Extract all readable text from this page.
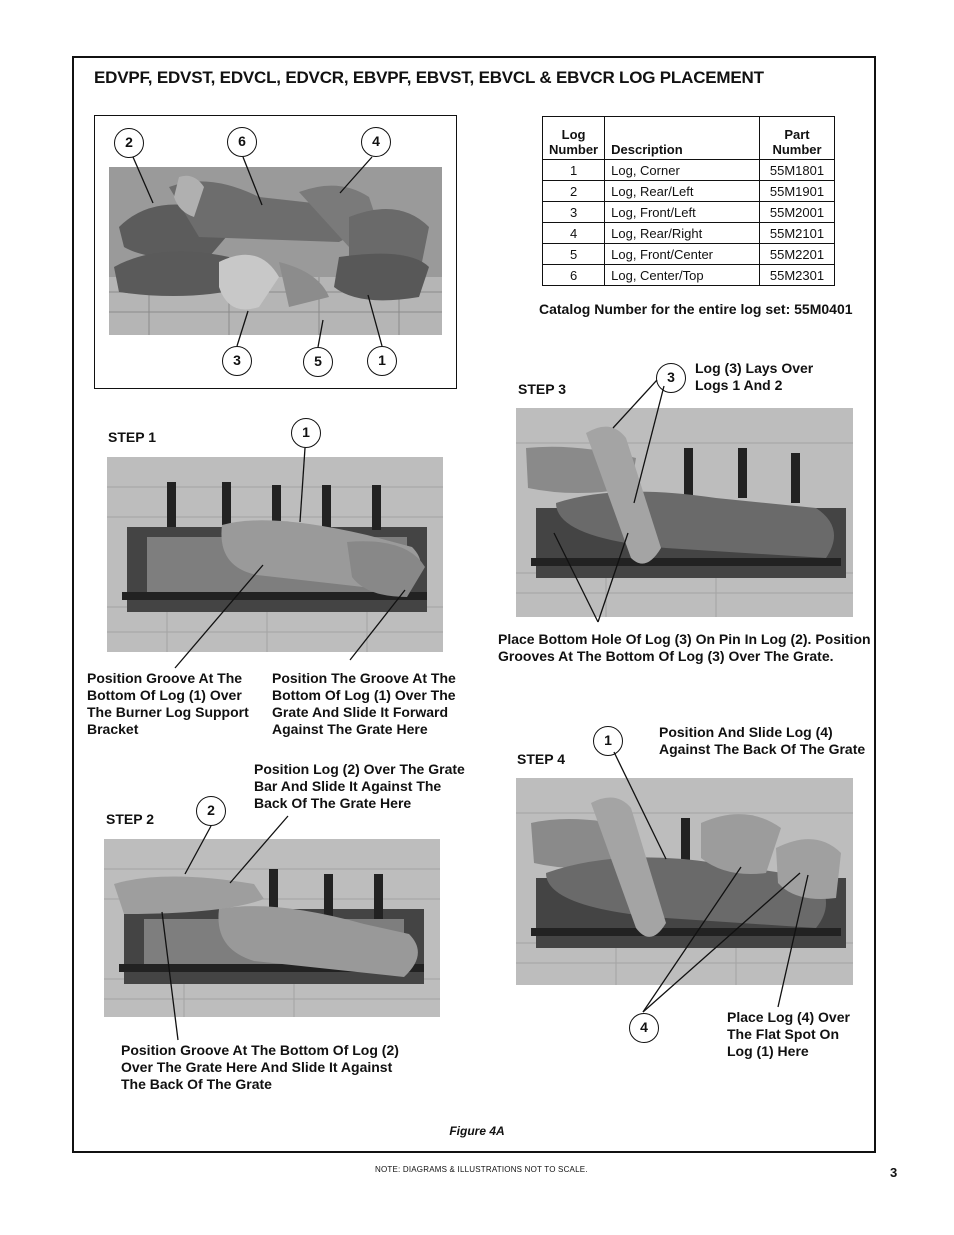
EDVPF, EDVST, EDVCL, EDVCR, EBVPF, EBVST, EBVCL & EBVCR LOG PLACEMENT
2	6	4
3	5	1
Log
Number	Description	Part
Number
1	Log, Corner	55M1801
2	Log, Rear/Left	55M1901
3	Log, Front/Left	55M2001
4	Log, Rear/Right	55M2101
5	Log, Front/Center	55M2201
6	Log, Center/Top	55M2301
Catalog Number for the entire log set: 55M0401
STEP 1	1
Position Groove At The
Bottom Of Log (1) Over
The Burner Log Support
Bracket
Position The Groove At The
Bottom Of Log (1) Over The
Grate And Slide It Forward
Against The Grate Here
Position Log (2) Over The Grate
Bar And Slide It Against The
Back Of The Grate Here
STEP 2
2
Position Groove At The Bottom Of Log (2)
Over The Grate Here And Slide It Against
The Back Of The Grate
Log (3) Lays Over
Logs 1 And 2
3
STEP 3
Place Bottom Hole Of Log (3) On Pin In Log (2). Position
Grooves At The Bottom Of Log (3) Over The Grate.
Position And Slide Log (4)
Against The Back Of The Grate
1
STEP 4
4
Place Log (4) Over
The Flat Spot On
Log (1) Here
Figure 4A
NOTE: DIAGRAMS & ILLUSTRATIONS NOT TO SCALE.	3
